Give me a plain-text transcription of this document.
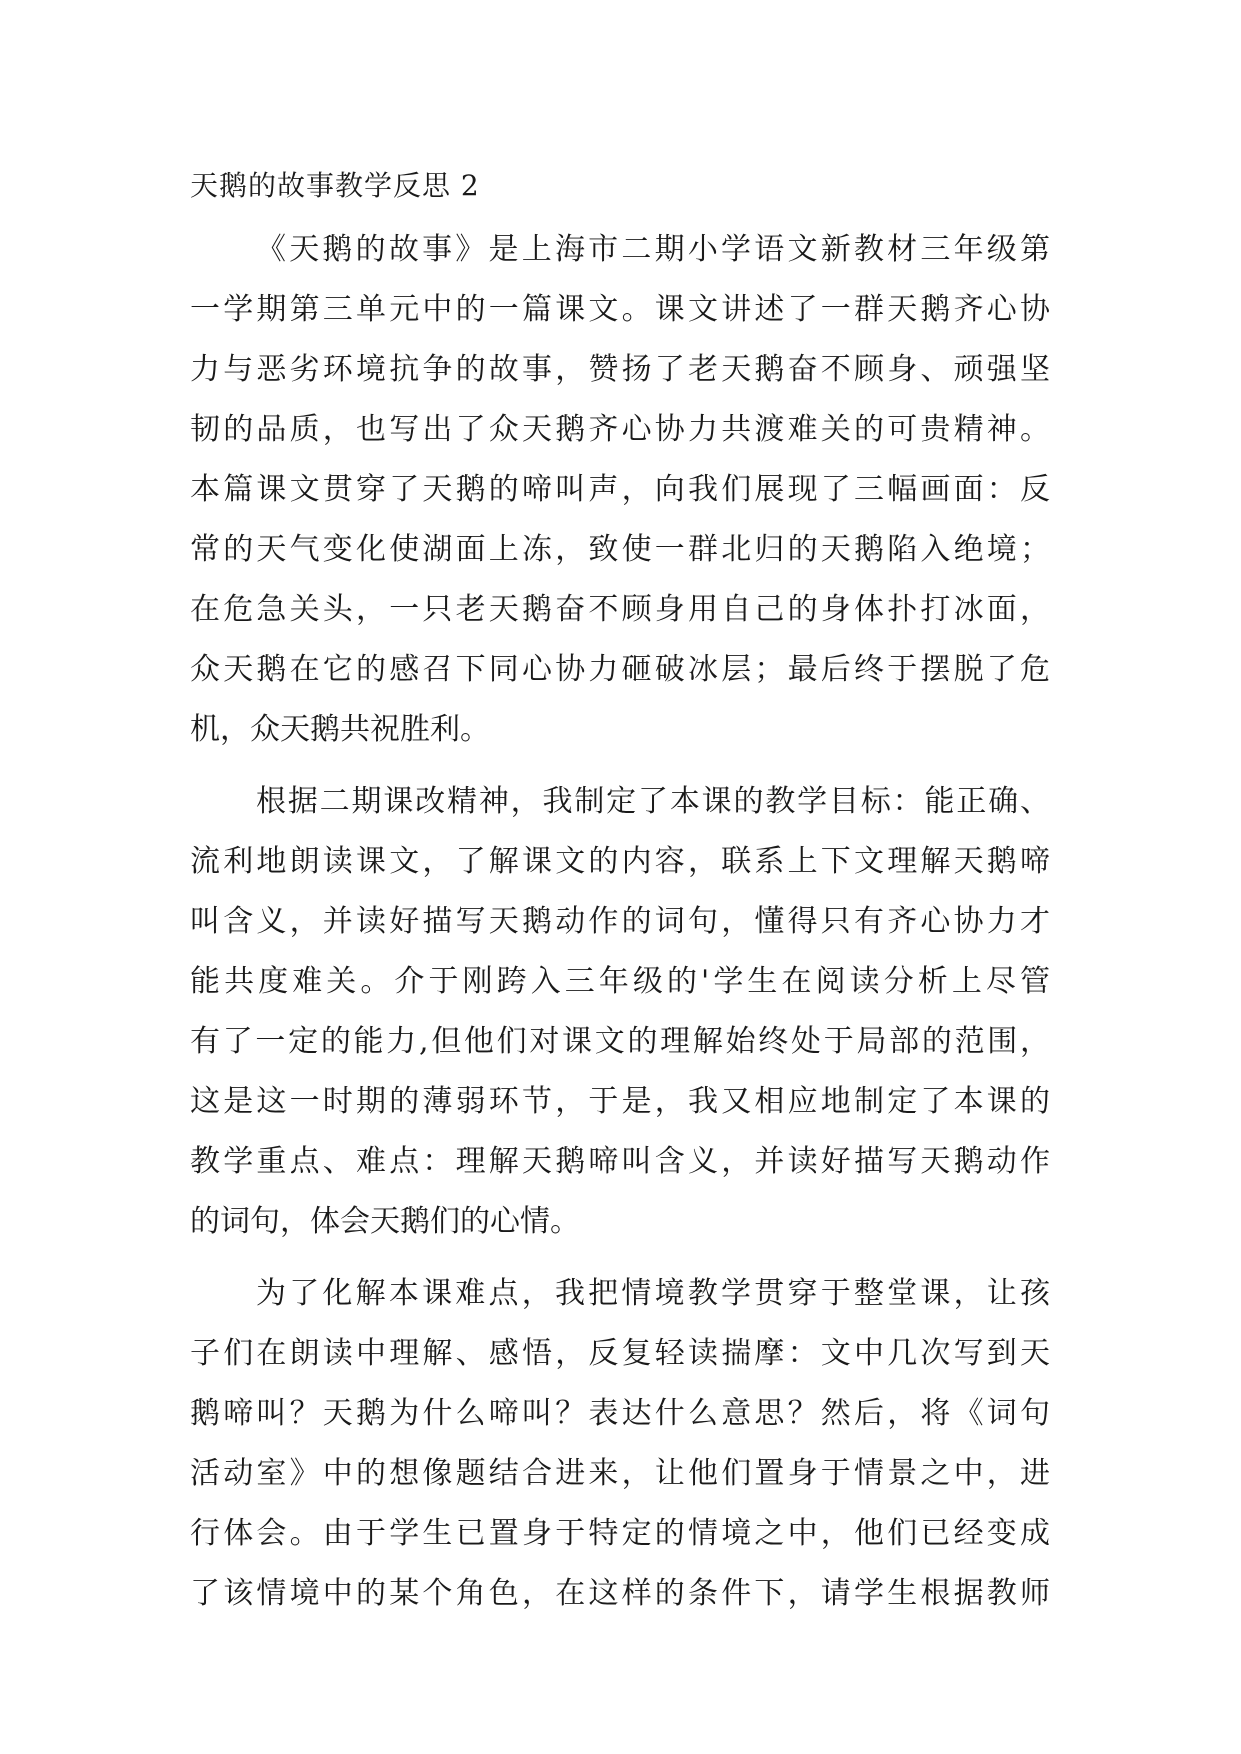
天鹅的故事教学反思 2
《天鹅的故事》是上海市二期小学语文新教材三年级第
一学期第三单元中的一篇课文。课文讲述了一群天鹅齐心协
力与恶劣环境抗争的故事，赞扬了老天鹅奋不顾身、顽强坚
韧的品质，也写出了众天鹅齐心协力共渡难关的可贵精神。
本篇课文贯穿了天鹅的啼叫声，向我们展现了三幅画面：反
常的天气变化使湖面上冻，致使一群北归的天鹅陷入绝境；
在危急关头，一只老天鹅奋不顾身用自己的身体扑打冰面，
众天鹅在它的感召下同心协力砸破冰层；最后终于摆脱了危
机，众天鹅共祝胜利。
根据二期课改精神，我制定了本课的教学目标：能正确、
流利地朗读课文，了解课文的内容，联系上下文理解天鹅啼
叫含义，并读好描写天鹅动作的词句，懂得只有齐心协力才
能共度难关。介于刚跨入三年级的'学生在阅读分析上尽管
有了一定的能力,但他们对课文的理解始终处于局部的范围，
这是这一时期的薄弱环节，于是，我又相应地制定了本课的
教学重点、难点：理解天鹅啼叫含义，并读好描写天鹅动作
的词句，体会天鹅们的心情。
为了化解本课难点，我把情境教学贯穿于整堂课，让孩
子们在朗读中理解、感悟，反复轻读揣摩：文中几次写到天
鹅啼叫？天鹅为什么啼叫？表达什么意思？然后，将《词句
活动室》中的想像题结合进来，让他们置身于情景之中，进
行体会。由于学生已置身于特定的情境之中，他们已经变成
了该情境中的某个角色，在这样的条件下，请学生根据教师
